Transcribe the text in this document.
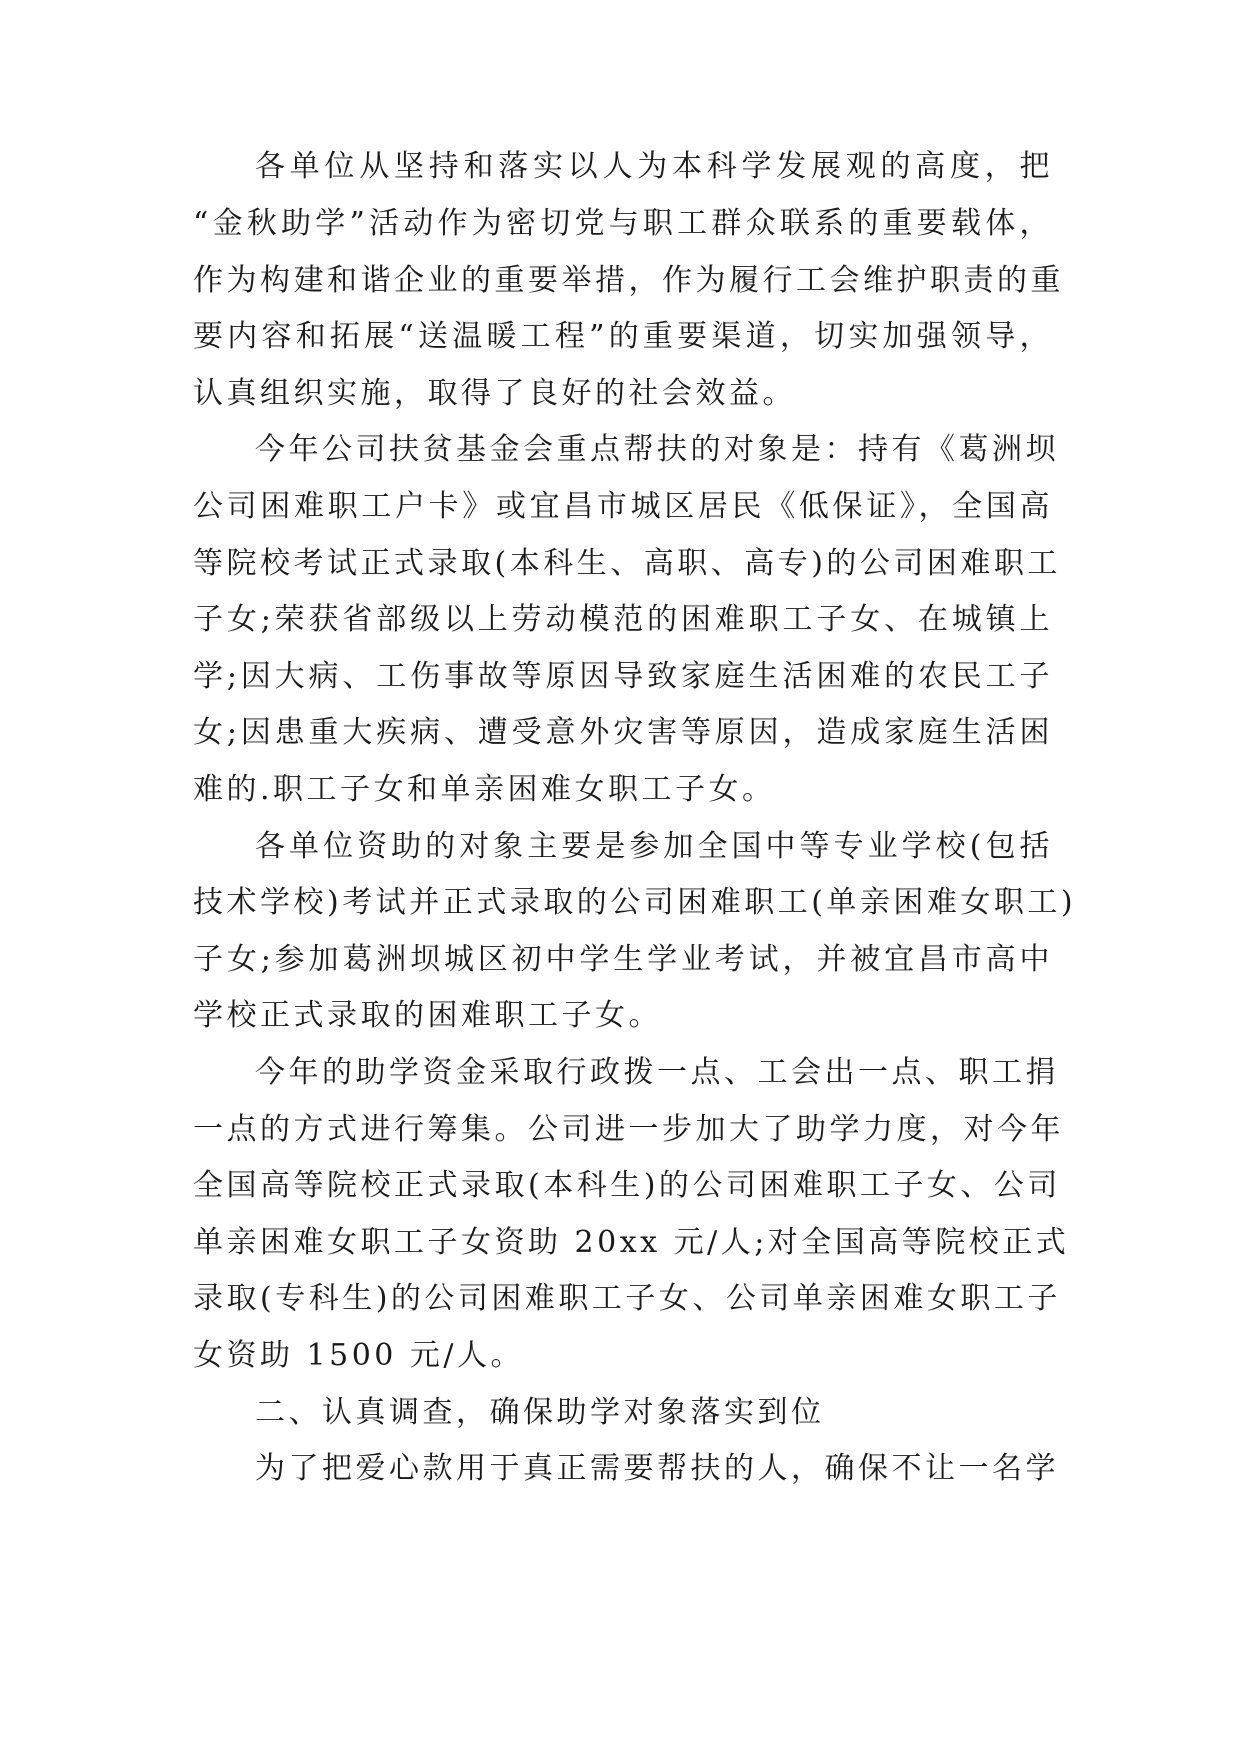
各单位从坚持和落实以人为本科学发展观的高度，把
“金秋助学”活动作为密切党与职工群众联系的重要载体，
作为构建和谐企业的重要举措，作为履行工会维护职责的重
要内容和拓展“送温暖工程”的重要渠道，切实加强领导，
认真组织实施，取得了良好的社会效益。
今年公司扶贫基金会重点帮扶的对象是：持有《葛洲坝
公司困难职工户卡》或宜昌市城区居民《低保证》，全国高
等院校考试正式录取(本科生、高职、高专)的公司困难职工
子女;荣获省部级以上劳动模范的困难职工子女、在城镇上
学;因大病、工伤事故等原因导致家庭生活困难的农民工子
女;因患重大疾病、遭受意外灾害等原因，造成家庭生活困
难的.职工子女和单亲困难女职工子女。
各单位资助的对象主要是参加全国中等专业学校(包括
技术学校)考试并正式录取的公司困难职工(单亲困难女职工)
子女;参加葛洲坝城区初中学生学业考试，并被宜昌市高中
学校正式录取的困难职工子女。
今年的助学资金采取行政拨一点、工会出一点、职工捐
一点的方式进行筹集。公司进一步加大了助学力度，对今年
全国高等院校正式录取(本科生)的公司困难职工子女、公司
单亲困难女职工子女资助 20xx 元/人;对全国高等院校正式
录取(专科生)的公司困难职工子女、公司单亲困难女职工子
女资助 1500 元/人。
二、认真调查，确保助学对象落实到位
为了把爱心款用于真正需要帮扶的人，确保不让一名学
